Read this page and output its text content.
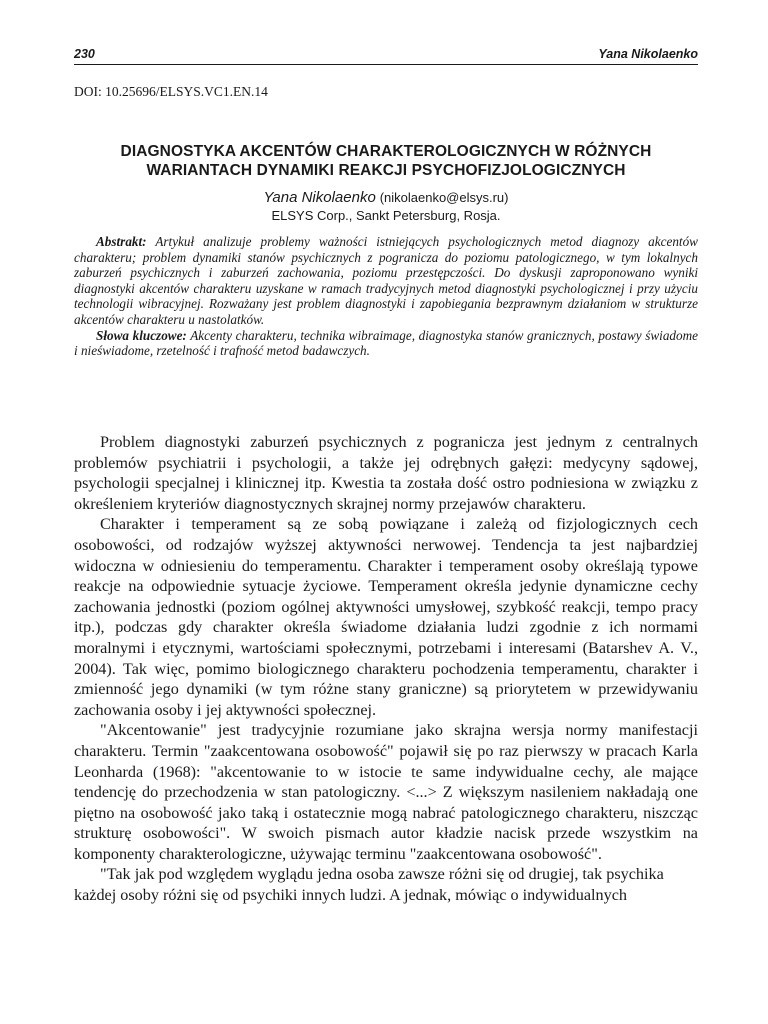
230	Yana Nikolaenko
DOI: 10.25696/ELSYS.VC1.EN.14
DIAGNOSTYKA AKCENTÓW CHARAKTEROLOGICZNYCH W RÓŻNYCH
WARIANTACH DYNAMIKI REAKCJI PSYCHOFIZJOLOGICZNYCH
Yana Nikolaenko (nikolaenko@elsys.ru)
ELSYS Corp., Sankt Petersburg, Rosja.

Abstrakt: Artykuł analizuje problemy ważności istniejących psychologicznych metod diagnozy akcentów charakteru; problem dynamiki stanów psychicznych z pogranicza do poziomu patologicznego, w tym lokalnych zaburzeń psychicznych i zaburzeń zachowania, poziomu przestępczości. Do dyskusji zaproponowano wyniki diagnostyki akcentów charakteru uzyskane w ramach tradycyjnych metod diagnostyki psychologicznej i przy użyciu technologii wibracyjnej. Rozważany jest problem diagnostyki i zapobiegania bezprawnym działaniom w strukturze akcentów charakteru u nastolatków.

Słowa kluczowe: Akcenty charakteru, technika wibraimage, diagnostyka stanów granicznych, postawy świadome i nieświadome, rzetelność i trafność metod badawczych.

Problem diagnostyki zaburzeń psychicznych z pogranicza jest jednym z centralnych problemów psychiatrii i psychologii, a także jej odrębnych gałęzi: medycyny sądowej, psychologii specjalnej i klinicznej itp. Kwestia ta została dość ostro podniesiona w związku z określeniem kryteriów diagnostycznych skrajnej normy przejawów charakteru.

Charakter i temperament są ze sobą powiązane i zależą od fizjologicznych cech osobowości, od rodzajów wyższej aktywności nerwowej. Tendencja ta jest najbardziej widoczna w odniesieniu do temperamentu. Charakter i temperament osoby określają typowe reakcje na odpowiednie sytuacje życiowe. Temperament określa jedynie dynamiczne cechy zachowania jednostki (poziom ogólnej aktywności umysłowej, szybkość reakcji, tempo pracy itp.), podczas gdy charakter określa świadome działania ludzi zgodnie z ich normami moralnymi i etycznymi, wartościami społecznymi, potrzebami i interesami (Batarshev A. V., 2004). Tak więc, pomimo biologicznego charakteru pochodzenia temperamentu, charakter i zmienność jego dynamiki (w tym różne stany graniczne) są priorytetem w przewidywaniu zachowania osoby i jej aktywności społecznej.

"Akcentowanie" jest tradycyjnie rozumiane jako skrajna wersja normy manifestacji charakteru. Termin "zaakcentowana osobowość" pojawił się po raz pierwszy w pracach Karla Leonharda (1968): "akcentowanie to w istocie te same indywidualne cechy, ale mające tendencję do przechodzenia w stan patologiczny. <...> Z większym nasileniem nakładają one piętno na osobowość jako taką i ostatecznie mogą nabrać patologicznego charakteru, niszcząc strukturę osobowości". W swoich pismach autor kładzie nacisk przede wszystkim na komponenty charakterologiczne, używając terminu "zaakcentowana osobowość".

"Tak jak pod względem wyglądu jedna osoba zawsze różni się od drugiej, tak psychika każdej osoby różni się od psychiki innych ludzi. A jednak, mówiąc o indywidualnych
